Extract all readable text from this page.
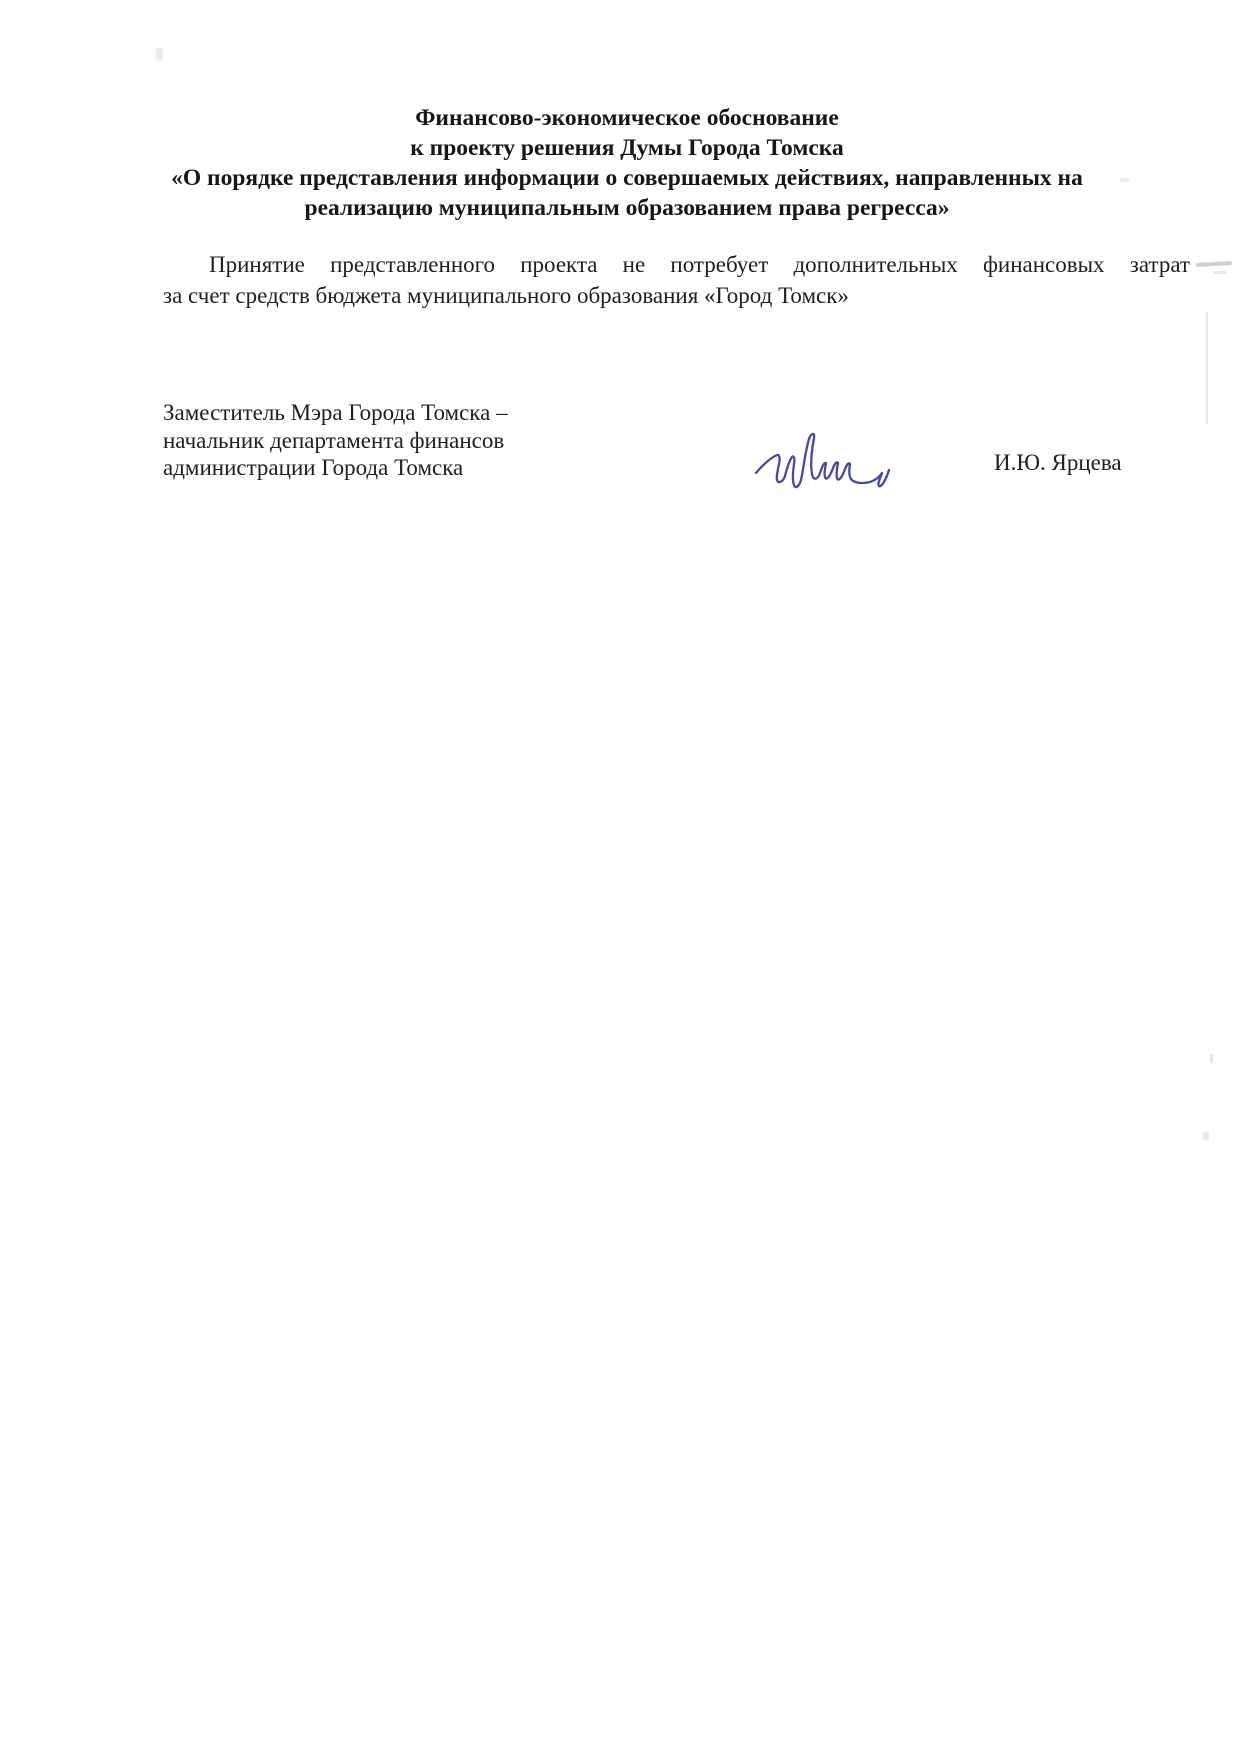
Финансово-экономическое обоснование
к проекту решения Думы Города Томска
«О порядке представления информации о совершаемых действиях, направленных на
реализацию муниципальным образованием права регресса»
Принятие представленного проекта не потребует дополнительных финансовых затрат
за счет средств бюджета муниципального образования «Город Томск»
Заместитель Мэра Города Томска –
начальник департамента финансов
администрации Города Томска	И.Ю. Ярцева
